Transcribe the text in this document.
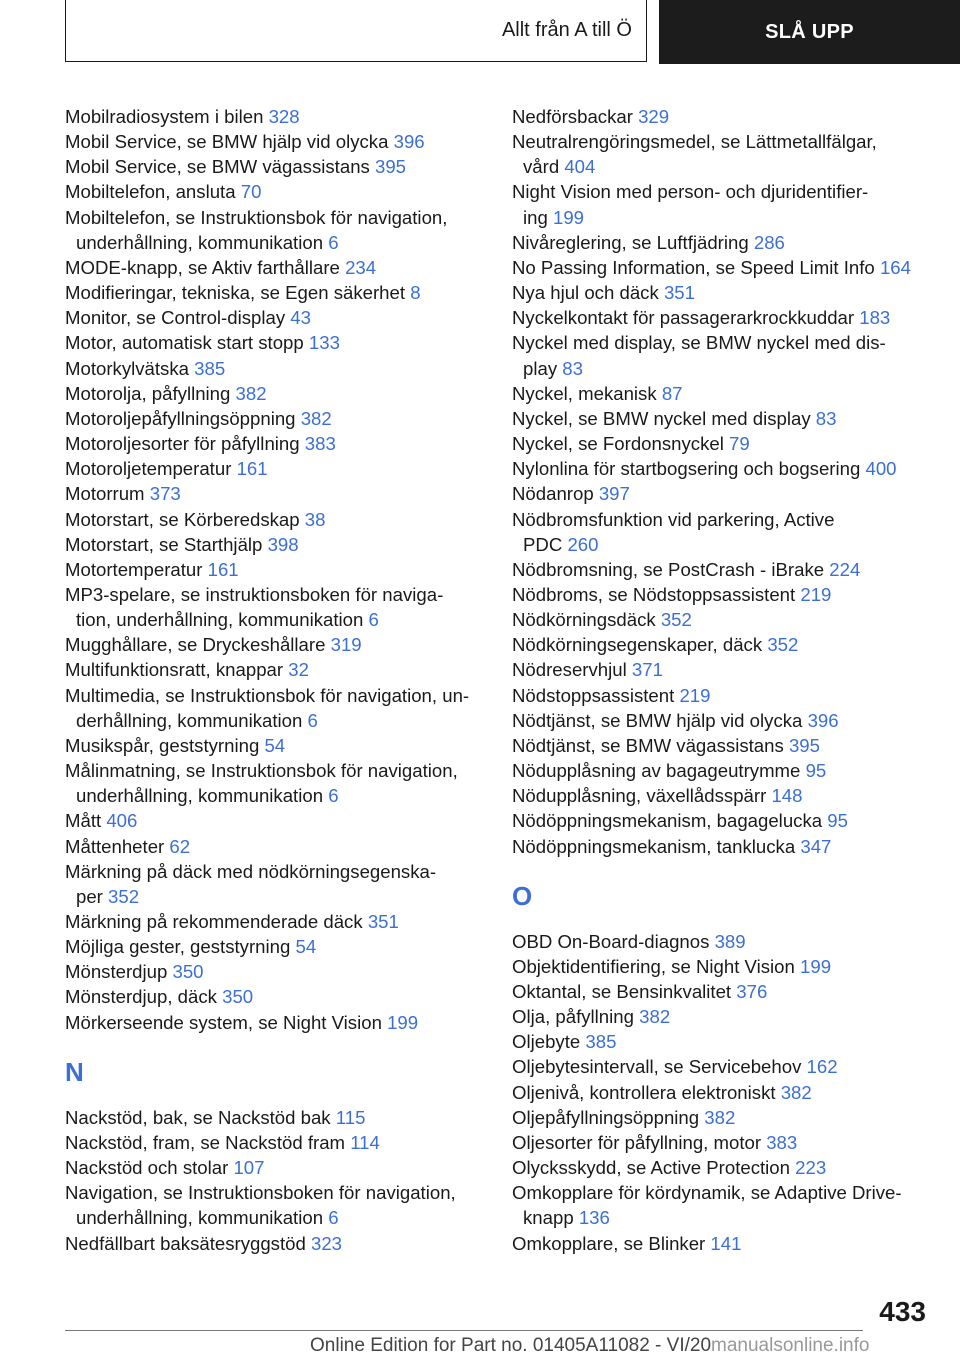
Allt från A till Ö	SLÅ UPP
Mobilradiosystem i bilen 328
Mobil Service, se BMW hjälp vid olycka 396
Mobil Service, se BMW vägassistans 395
Mobiltelefon, ansluta 70
Mobiltelefon, se Instruktionsbok för navigation,
underhållning, kommunikation 6
MODE-knapp, se Aktiv farthållare 234
Modifieringar, tekniska, se Egen säkerhet 8
Monitor, se Control-display 43
Motor, automatisk start stopp 133
Motorkylvätska 385
Motorolja, påfyllning 382
Motoroljepåfyllningsöppning 382
Motoroljesorter för påfyllning 383
Motoroljetemperatur 161
Motorrum 373
Motorstart, se Körberedskap 38
Motorstart, se Starthjälp 398
Motortemperatur 161
MP3-spelare, se instruktionsboken för naviga-
tion, underhållning, kommunikation 6
Mugghållare, se Dryckeshållare 319
Multifunktionsratt, knappar 32
Multimedia, se Instruktionsbok för navigation, un-
derhållning, kommunikation 6
Musikspår, geststyrning 54
Målinmatning, se Instruktionsbok för navigation,
underhållning, kommunikation 6
Mått 406
Måttenheter 62
Märkning på däck med nödkörningsegenska-
per 352
Märkning på rekommenderade däck 351
Möjliga gester, geststyrning 54
Mönsterdjup 350
Mönsterdjup, däck 350
Mörkerseende system, se Night Vision 199
N
Nackstöd, bak, se Nackstöd bak 115
Nackstöd, fram, se Nackstöd fram 114
Nackstöd och stolar 107
Navigation, se Instruktionsboken för navigation,
underhållning, kommunikation 6
Nedfällbart baksätesryggstöd 323
Nedförsbackar 329
Neutralrengöringsmedel, se Lättmetallfälgar,
vård 404
Night Vision med person- och djuridentifier-
ing 199
Nivåreglering, se Luftfjädring 286
No Passing Information, se Speed Limit Info 164
Nya hjul och däck 351
Nyckelkontakt för passagerarkrockkuddar 183
Nyckel med display, se BMW nyckel med dis-
play 83
Nyckel, mekanisk 87
Nyckel, se BMW nyckel med display 83
Nyckel, se Fordonsnyckel 79
Nylonlina för startbogsering och bogsering 400
Nödanrop 397
Nödbromsfunktion vid parkering, Active
PDC 260
Nödbromsning, se PostCrash - iBrake 224
Nödbroms, se Nödstoppsassistent 219
Nödkörningsdäck 352
Nödkörningsegenskaper, däck 352
Nödreservhjul 371
Nödstoppsassistent 219
Nödtjänst, se BMW hjälp vid olycka 396
Nödtjänst, se BMW vägassistans 395
Nödupplåsning av bagageutrymme 95
Nödupplåsning, växellådsspärr 148
Nödöppningsmekanism, bagagelucka 95
Nödöppningsmekanism, tanklucka 347
O
OBD On-Board-diagnos 389
Objektidentifiering, se Night Vision 199
Oktantal, se Bensinkvalitet 376
Olja, påfyllning 382
Oljebyte 385
Oljebytesintervall, se Servicebehov 162
Oljenivå, kontrollera elektroniskt 382
Oljepåfyllningsöppning 382
Oljesorter för påfyllning, motor 383
Olycksskydd, se Active Protection 223
Omkopplare för kördynamik, se Adaptive Drive-
knapp 136
Omkopplare, se Blinker 141
433
Online Edition for Part no. 01405A11082 - VI/20manualsonline.info
